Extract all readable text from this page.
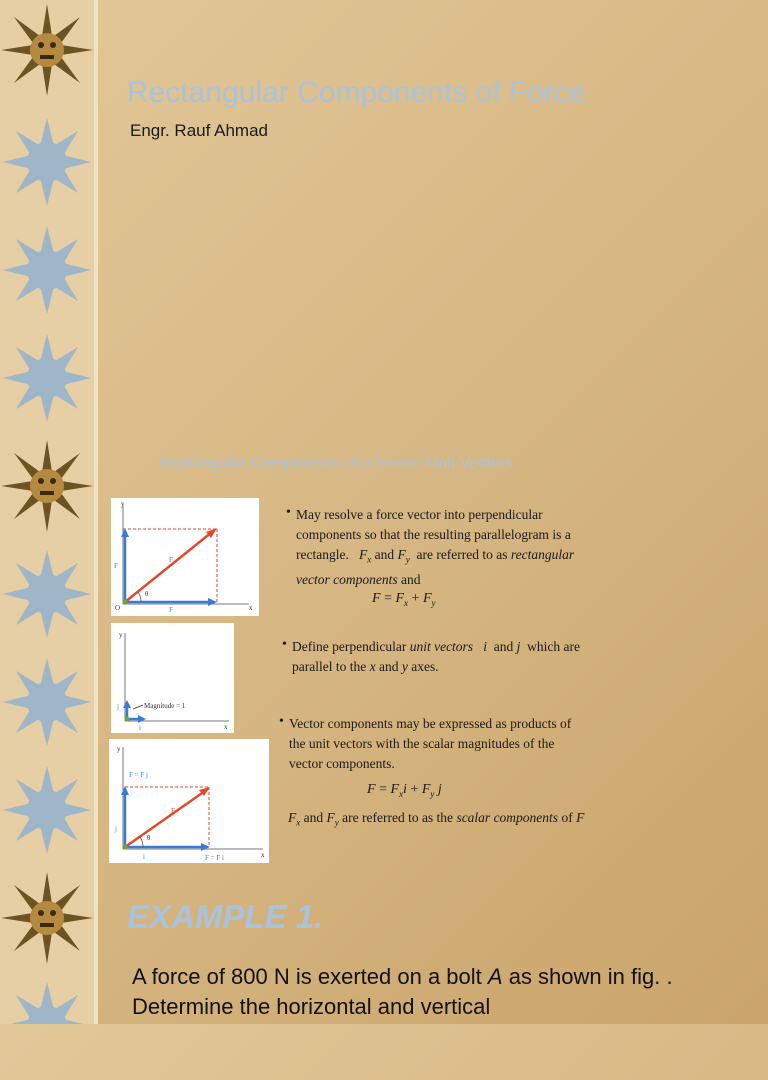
Rectangular Components of Force
Engr. Rauf Ahmad
Rectangular Components of a Force: Unit Vectors
y
x
O
F
F
F
θ
y
x
j
i
Magnitude = 1
y
x
F = F j
F = F i
F
j
i
θ
• May resolve a force vector into perpendicular
components so that the resulting parallelogram is a
rectangle. $F_x$ and $F_y$ are referred to as rectangular
vector components and
$F = F_x + F_y$
• Define perpendicular unit vectors i and j which are
parallel to the x and y axes.
• Vector components may be expressed as products of
the unit vectors with the scalar magnitudes of the
vector components.
$F = F_xi + F_y$ j
$F_x$ and $F_y$ are referred to as the scalar components of F
EXAMPLE 1.
A force of 800 N is exerted on a bolt A as shown in fig. . Determine the horizontal and vertical
